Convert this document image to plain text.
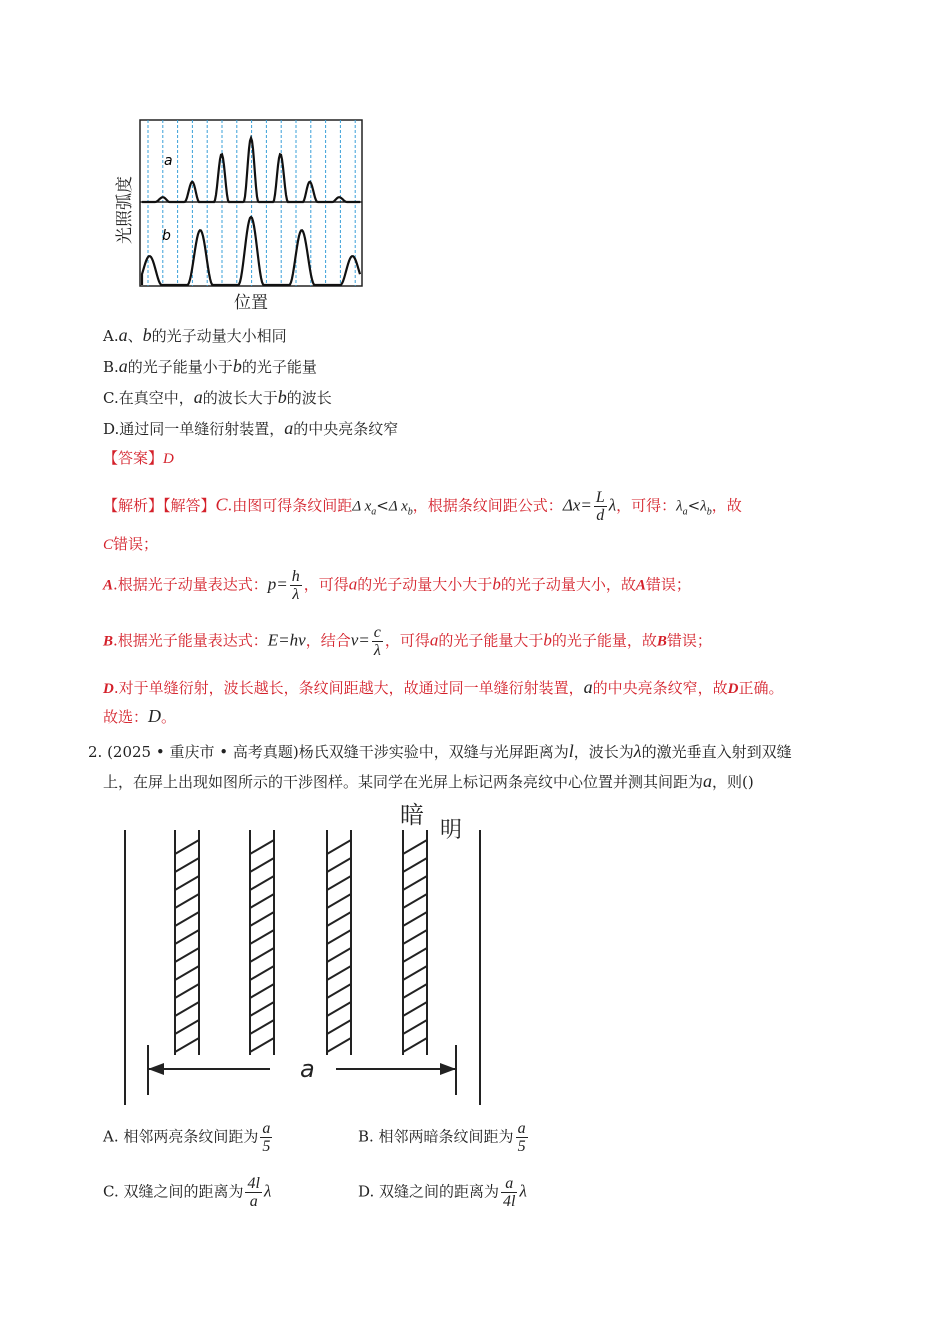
a
b
光照弧度
位置
A.a、b的光子动量大小相同
B.a的光子能量小于b的光子能量
C.在真空中，a的波长大于b的波长
D.通过同一单缝衍射装置，a的中央亮条纹窄
【答案】D
【解析】【解答】C.由图可得条纹间距Δ $x_a<\Delta$ $x_b$，根据条纹间距公式：$\Delta x= \frac{L}{d}$ λ，可得：$\lambda_a<\lambda_b$，故
C错误；
A.根据光子动量表达式：$p= \frac{h}{\lambda}$ ，可得a的光子动量大小大于b的光子动量大小，故A错误；
B.根据光子能量表达式：E=hν，结合$\nu= \frac{c}{\lambda}$ ，可得a的光子能量大于b的光子能量，故B错误；
D.对于单缝衍射，波长越长，条纹间距越大，故通过同一单缝衍射装置，a的中央亮条纹窄，故D正确。
故选：D。
2. (2025 • 重庆市 • 高考真题)杨氏双缝干涉实验中，双缝与光屏距离为l，波长为λ的激光垂直入射到双缝
上，在屏上出现如图所示的干涉图样。某同学在光屏上标记两条亮纹中心位置并测其间距为a，则()
暗
明
a
A. 相邻两亮条纹间距为 $\frac{a}{5}$	B. 相邻两暗条纹间距为 $\frac{a}{5}$
C. 双缝之间的距离为 $\frac{4l}{a}$ λ	D. 双缝之间的距离为 $\frac{a}{4l}$ λ
